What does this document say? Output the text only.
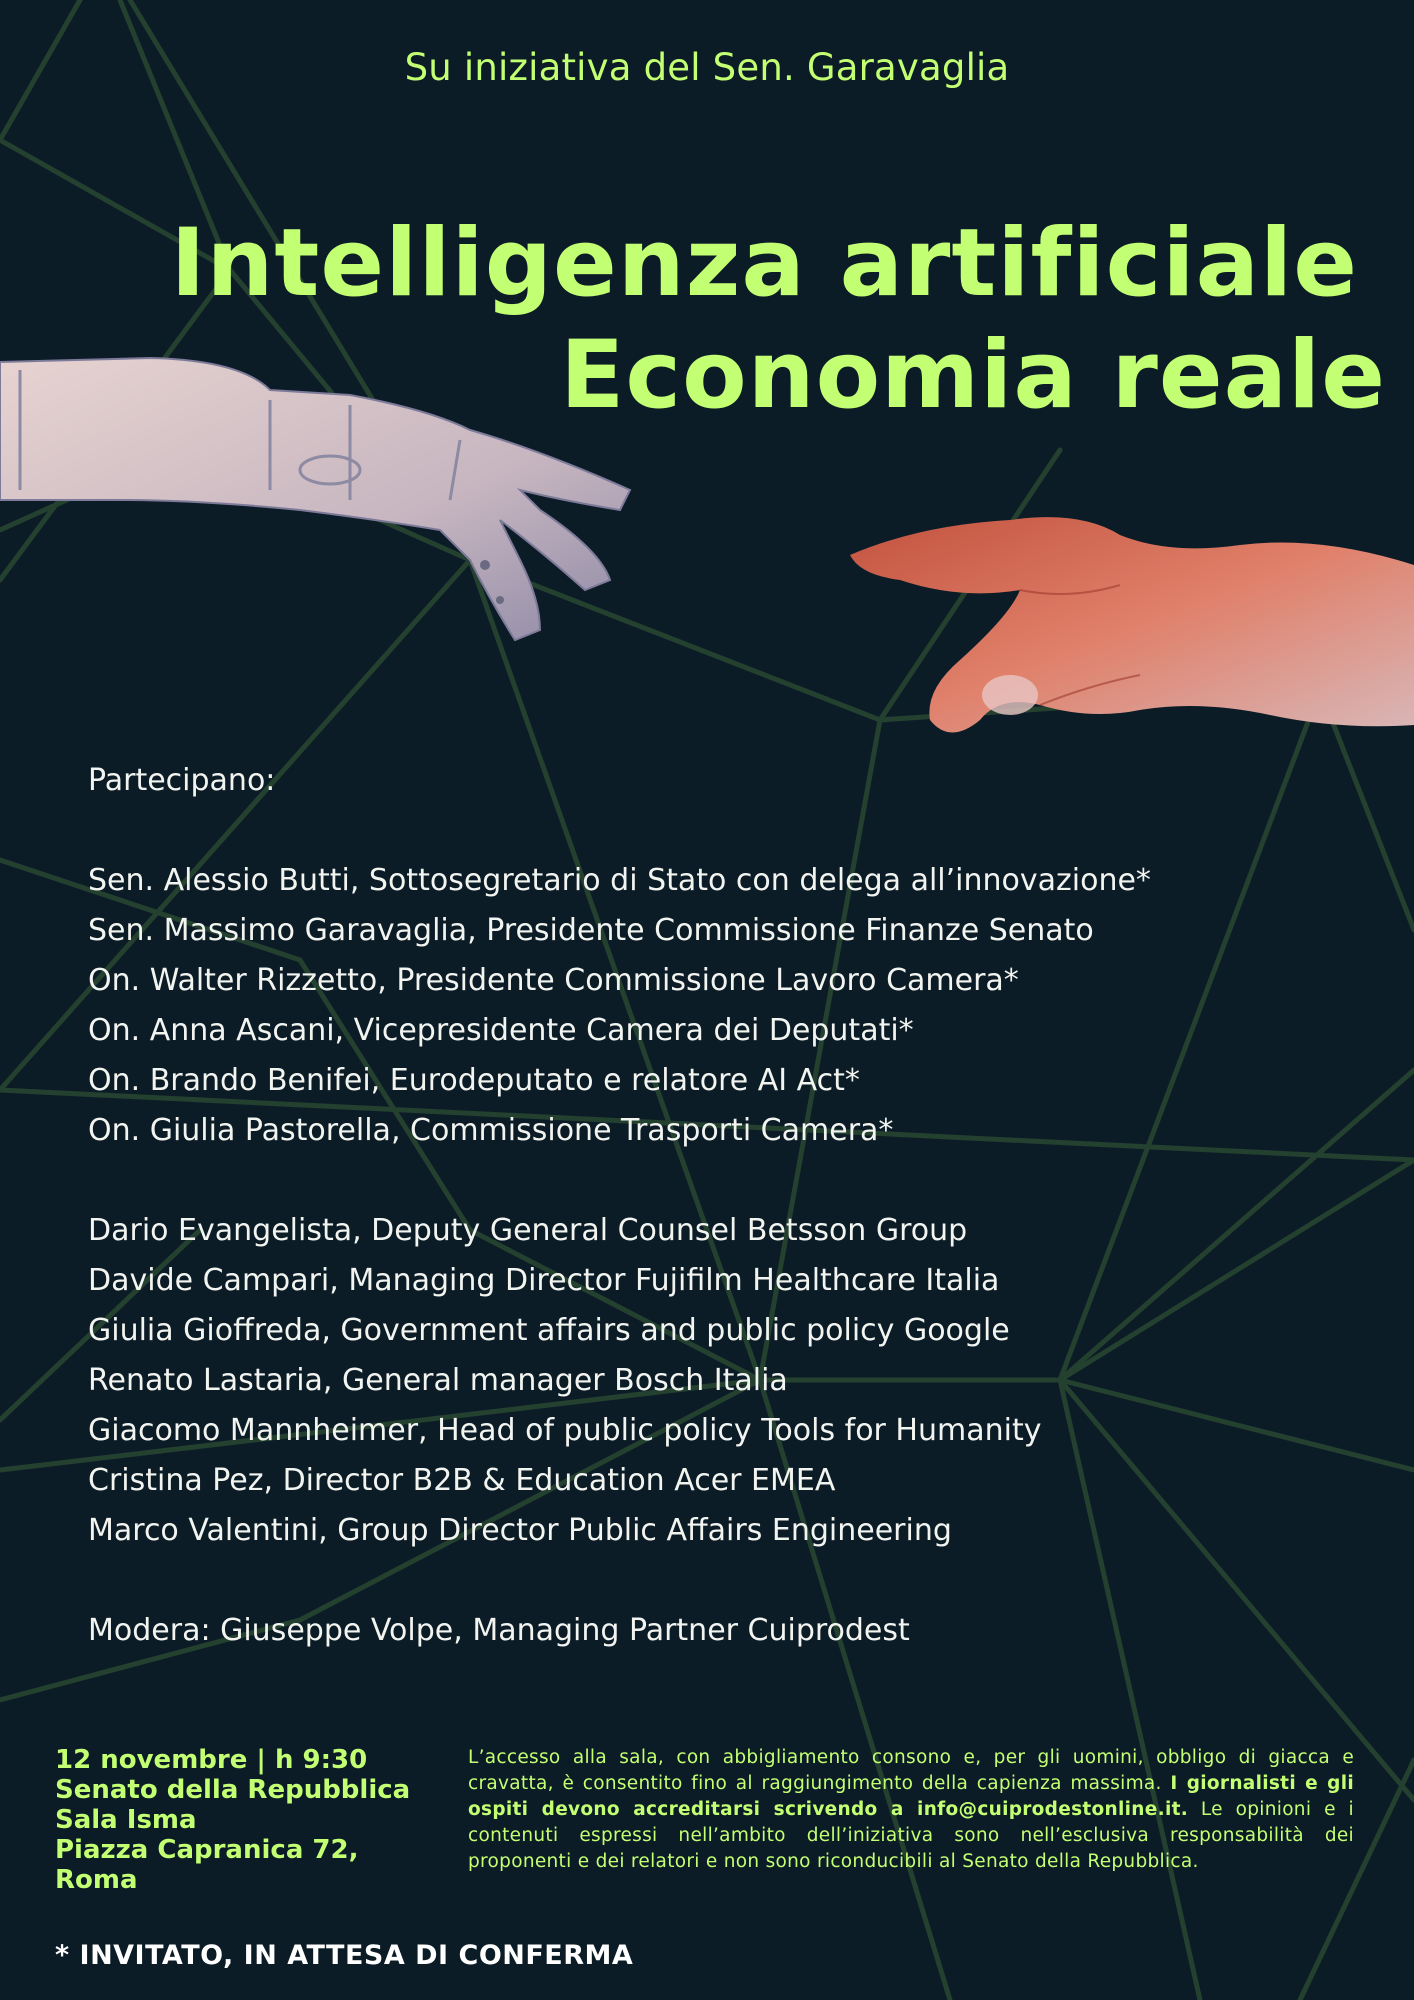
Su iniziativa del Sen. Garavaglia
Intelligenza artificiale
Economia reale
Partecipano:
Sen. Alessio Butti, Sottosegretario di Stato con delega all’innovazione*
Sen. Massimo Garavaglia, Presidente Commissione Finanze Senato
On. Walter Rizzetto, Presidente Commissione Lavoro Camera*
On. Anna Ascani, Vicepresidente Camera dei Deputati*
On. Brando Benifei, Eurodeputato e relatore AI Act*
On. Giulia Pastorella, Commissione Trasporti Camera*
Dario Evangelista, Deputy General Counsel Betsson Group
Davide Campari, Managing Director Fujifilm Healthcare Italia
Giulia Gioffreda, Government affairs and public policy Google
Renato Lastaria, General manager Bosch Italia
Giacomo Mannheimer, Head of public policy Tools for Humanity
Cristina Pez, Director B2B & Education Acer EMEA
Marco Valentini, Group Director Public Affairs Engineering
Modera: Giuseppe Volpe, Managing Partner Cuiprodest
12 novembre | h 9:30
Senato della Repubblica
Sala Isma
Piazza Capranica 72,
Roma
L’accesso alla sala, con abbigliamento consono e, per gli uomini, obbligo di giacca e cravatta, è consentito fino al raggiungimento della capienza massima. I giornalisti e gli ospiti devono accreditarsi scrivendo a info@cuiprodestonline.it. Le opinioni e i contenuti espressi nell’ambito dell’iniziativa sono nell’esclusiva responsabilità dei proponenti e dei relatori e non sono riconducibili al Senato della Repubblica.
* INVITATO, IN ATTESA DI CONFERMA
